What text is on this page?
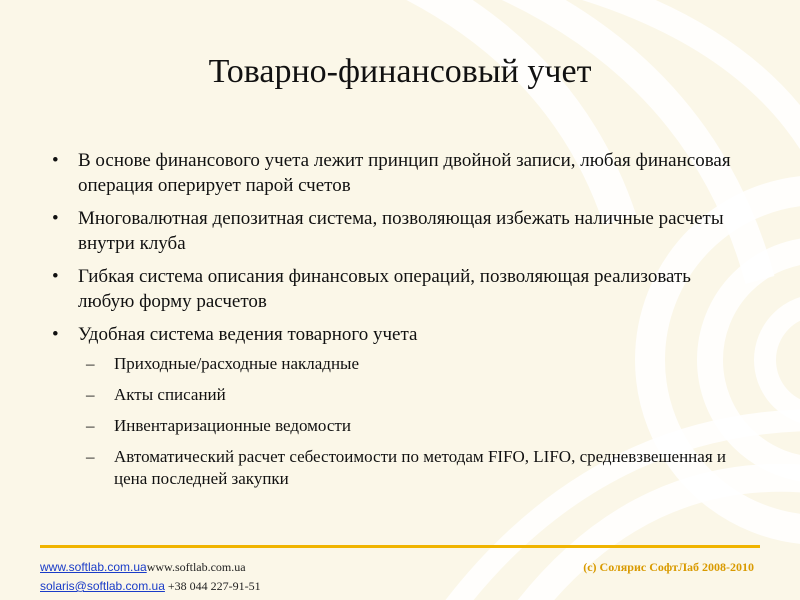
Товарно-финансовый учет
•	В основе финансового учета лежит принцип двойной записи, любая финансовая операция оперирует парой счетов
•	Многовалютная депозитная система, позволяющая избежать наличные расчеты внутри клуба
•	Гибкая система описания финансовых операций, позволяющая реализовать любую форму расчетов
•	Удобная система ведения товарного учета
–	Приходные/расходные накладные
–	Акты списаний
–	Инвентаризационные ведомости
–	Автоматический расчет себестоимости по методам FIFO, LIFO, средневзвешенная и цена последней закупки
www.softlab.com.uawww.softlab.com.ua
solaris@softlab.com.ua +38 044 227-91-51
(с) Солярис СофтЛаб 2008-2010
